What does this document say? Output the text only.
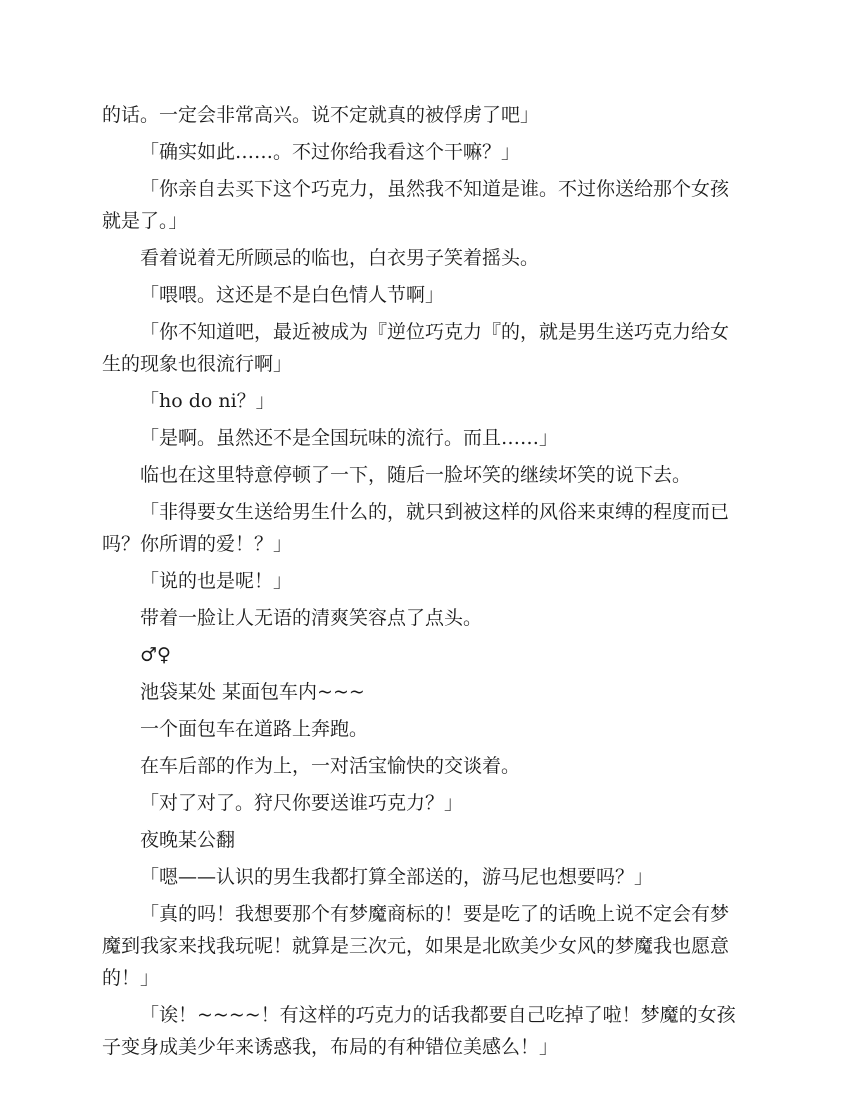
的话。一定会非常高兴。说不定就真的被俘虏了吧」

「确实如此……。不过你给我看这个干嘛？」

「你亲自去买下这个巧克力，虽然我不知道是谁。不过你送给那个女孩就是了。」

看着说着无所顾忌的临也，白衣男子笑着摇头。

「喂喂。这还是不是白色情人节啊」

「你不知道吧，最近被成为『逆位巧克力『的，就是男生送巧克力给女生的现象也很流行啊」

「ho do ni？」

「是啊。虽然还不是全国玩味的流行。而且……」

临也在这里特意停顿了一下，随后一脸坏笑的继续坏笑的说下去。

「非得要女生送给男生什么的，就只到被这样的风俗来束缚的程度而已吗？你所谓的爱！？」

「说的也是呢！」

带着一脸让人无语的清爽笑容点了点头。

♂♀

池袋某处 某面包车内~~~

一个面包车在道路上奔跑。

在车后部的作为上，一对活宝愉快的交谈着。

「对了对了。狩尺你要送谁巧克力？」

夜晚某公翻

「嗯——认识的男生我都打算全部送的，游马尼也想要吗？」

「真的吗！我想要那个有梦魔商标的！要是吃了的话晚上说不定会有梦魔到我家来找我玩呢！就算是三次元，如果是北欧美少女风的梦魔我也愿意的！」

「诶！~~~~！有这样的巧克力的话我都要自己吃掉了啦！梦魔的女孩子变身成美少年来诱惑我，布局的有种错位美感么！」
